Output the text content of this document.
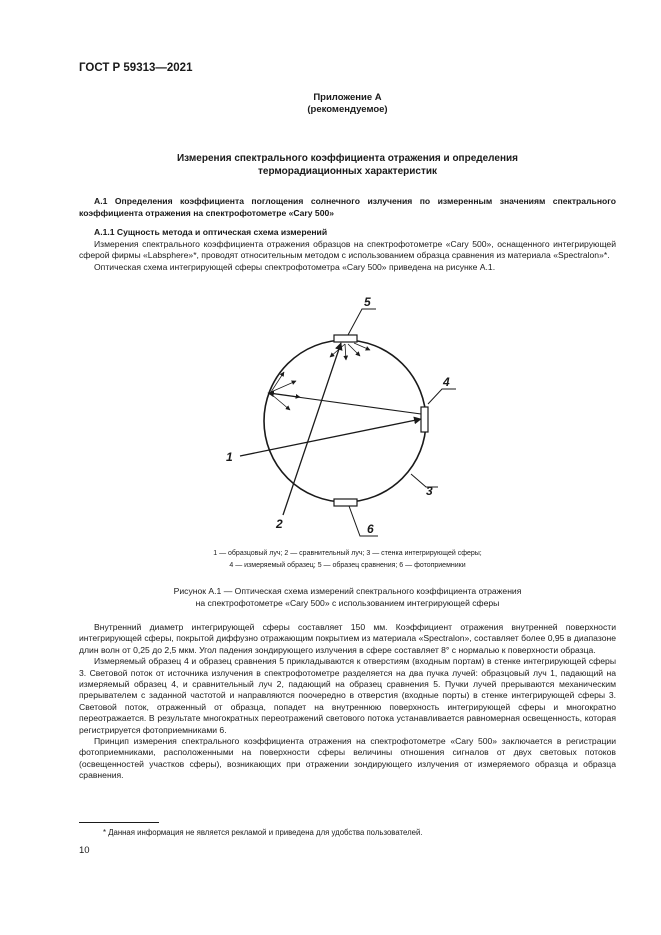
ГОСТ Р 59313—2021
Приложение А
(рекомендуемое)
Измерения спектрального коэффициента отражения и определения
терморадиационных характеристик
А.1 Определения коэффициента поглощения солнечного излучения по измеренным значениям спектрального коэффициента отражения на спектрофотометре «Cary 500»
А.1.1 Сущность метода и оптическая схема измерений

Измерения спектрального коэффициента отражения образцов на спектрофотометре «Cary 500», оснащенного интегрирующей сферой фирмы «Labsphere»*, проводят относительным методом с использованием образца сравнения из материала «Spectralon»*.

Оптическая схема интегрирующей сферы спектрофотометра «Cary 500» приведена на рисунке А.1.

5
4
3
6
1
2
1 — образцовый луч; 2 — сравнительный луч; 3 — стенка интегрирующей сферы;
4 — измеряемый образец; 5 — образец сравнения; 6 — фотоприемники
Рисунок А.1 — Оптическая схема измерений спектрального коэффициента отражения
на спектрофотометре «Cary 500» с использованием интегрирующей сферы

Внутренний диаметр интегрирующей сферы составляет 150 мм. Коэффициент отражения внутренней поверхности интегрирующей сферы, покрытой диффузно отражающим покрытием из материала «Spectralon», составляет более 0,95 в диапазоне длин волн от 0,25 до 2,5 мкм. Угол падения зондирующего излучения в сфере составляет 8° с нормалью к поверхности образца.

Измеряемый образец 4 и образец сравнения 5 прикладываются к отверстиям (входным портам) в стенке интегрирующей сферы 3. Световой поток от источника излучения в спектрофотометре разделяется на два пучка лучей: образцовый луч 1, падающий на измеряемый образец 4, и сравнительный луч 2, падающий на образец сравнения 5. Пучки лучей прерываются механическим прерывателем с заданной частотой и направляются поочередно в отверстия (входные порты) в стенке интегрирующей сферы 3. Световой поток, отраженный от образца, попадет на внутреннюю поверхность интегрирующей сферы и многократно переотражается. В результате многократных переотражений светового потока устанавливается равномерная освещенность, которая регистрируется фотоприемниками 6.

Принцип измерения спектрального коэффициента отражения на спектрофотометре «Cary 500» заключается в регистрации фотоприемниками, расположенными на поверхности сферы величины отношения сигналов от двух световых потоков (освещенностей участков сферы), возникающих при отражении зондирующего излучения от измеряемого образца и образца сравнения.

* Данная информация не является рекламой и приведена для удобства пользователей.
10
